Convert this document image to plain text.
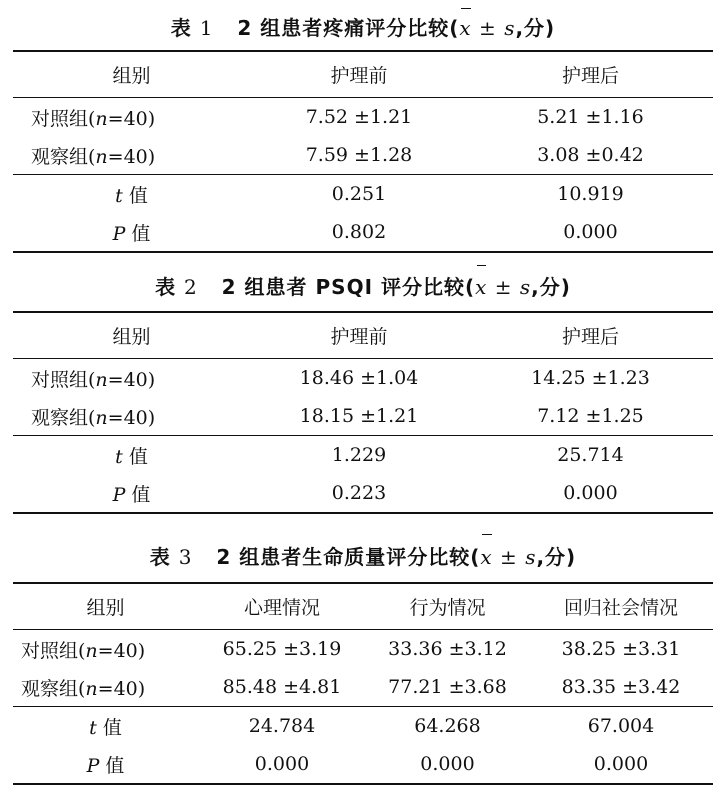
表 1 2 组患者疼痛评分比较(x ± s,分)
组别	护理前	护理后
对照组(n=40)	7.52 ±1.21	5.21 ±1.16
观察组(n=40)	7.59 ±1.28	3.08 ±0.42
t 值	0.251	10.919
P 值	0.802	0.000
表 2 2 组患者 PSQI 评分比较(x ± s,分)
组别	护理前	护理后
对照组(n=40)	18.46 ±1.04	14.25 ±1.23
观察组(n=40)	18.15 ±1.21	7.12 ±1.25
t 值	1.229	25.714
P 值	0.223	0.000
表 3 2 组患者生命质量评分比较(x ± s,分)
组别	心理情况	行为情况	回归社会情况
对照组(n=40)	65.25 ±3.19	33.36 ±3.12	38.25 ±3.31
观察组(n=40)	85.48 ±4.81	77.21 ±3.68	83.35 ±3.42
t 值	24.784	64.268	67.004
P 值	0.000	0.000	0.000
